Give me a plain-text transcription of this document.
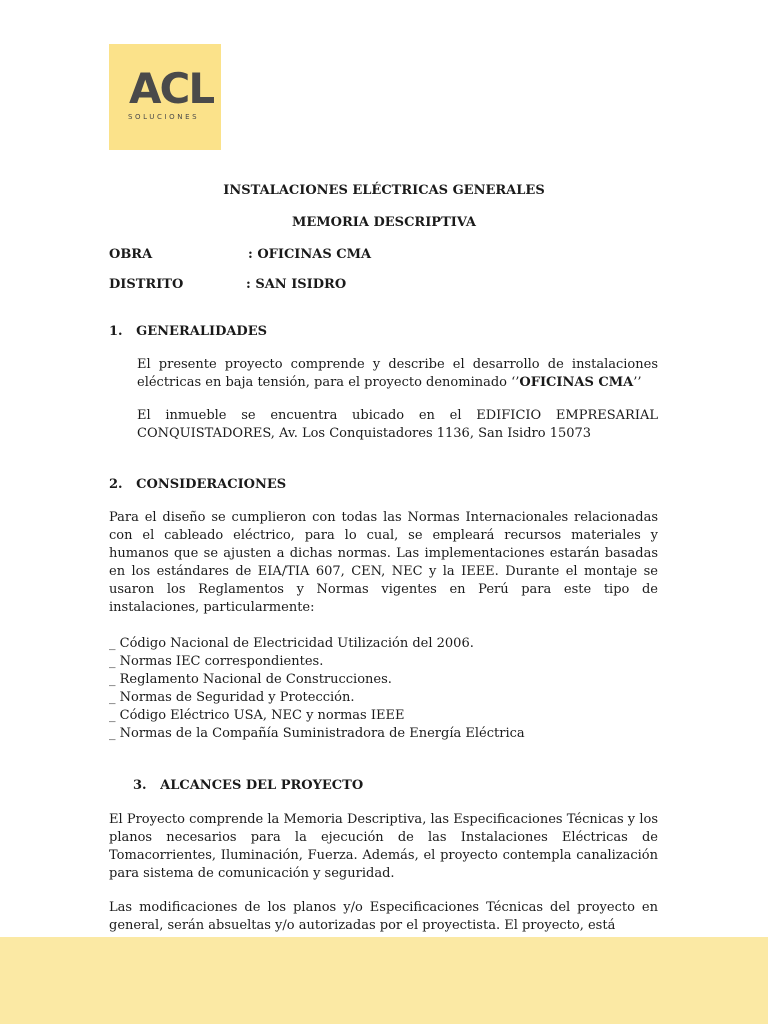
ACL
SOLUCIONES
INSTALACIONES ELÉCTRICAS GENERALES
MEMORIA DESCRIPTIVA
OBRA	: OFICINAS CMA
DISTRITO	: SAN ISIDRO
1.   GENERALIDADES

El presente proyecto comprende y describe el desarrollo de instalaciones eléctricas en baja tensión, para el proyecto denominado ‘’OFICINAS CMA’’

El inmueble se encuentra ubicado en el EDIFICIO EMPRESARIAL CONQUISTADORES, Av. Los Conquistadores 1136, San Isidro 15073
2.   CONSIDERACIONES
Para el diseño se cumplieron con todas las Normas Internacionales relacionadas con el cableado eléctrico, para lo cual, se empleará recursos materiales y humanos que se ajusten a dichas normas. Las implementaciones estarán basadas en los estándares de EIA/TIA 607, CEN, NEC y la IEEE. Durante el montaje se usaron los Reglamentos y Normas vigentes en Perú para este tipo de instalaciones, particularmente:
_ Código Nacional de Electricidad Utilización del 2006.
_ Normas IEC correspondientes.
_ Reglamento Nacional de Construcciones.
_ Normas de Seguridad y Protección.
_ Código Eléctrico USA, NEC y normas IEEE
_ Normas de la Compañía Suministradora de Energía Eléctrica
3.   ALCANCES DEL PROYECTO
El Proyecto comprende la Memoria Descriptiva, las Especificaciones Técnicas y los planos necesarios para la ejecución de las Instalaciones Eléctricas de Tomacorrientes, Iluminación, Fuerza. Además, el proyecto contempla canalización para sistema de comunicación y seguridad.
Las modificaciones de los planos y/o Especificaciones Técnicas del proyecto en general, serán absueltas y/o autorizadas por el proyectista. El proyecto, está
